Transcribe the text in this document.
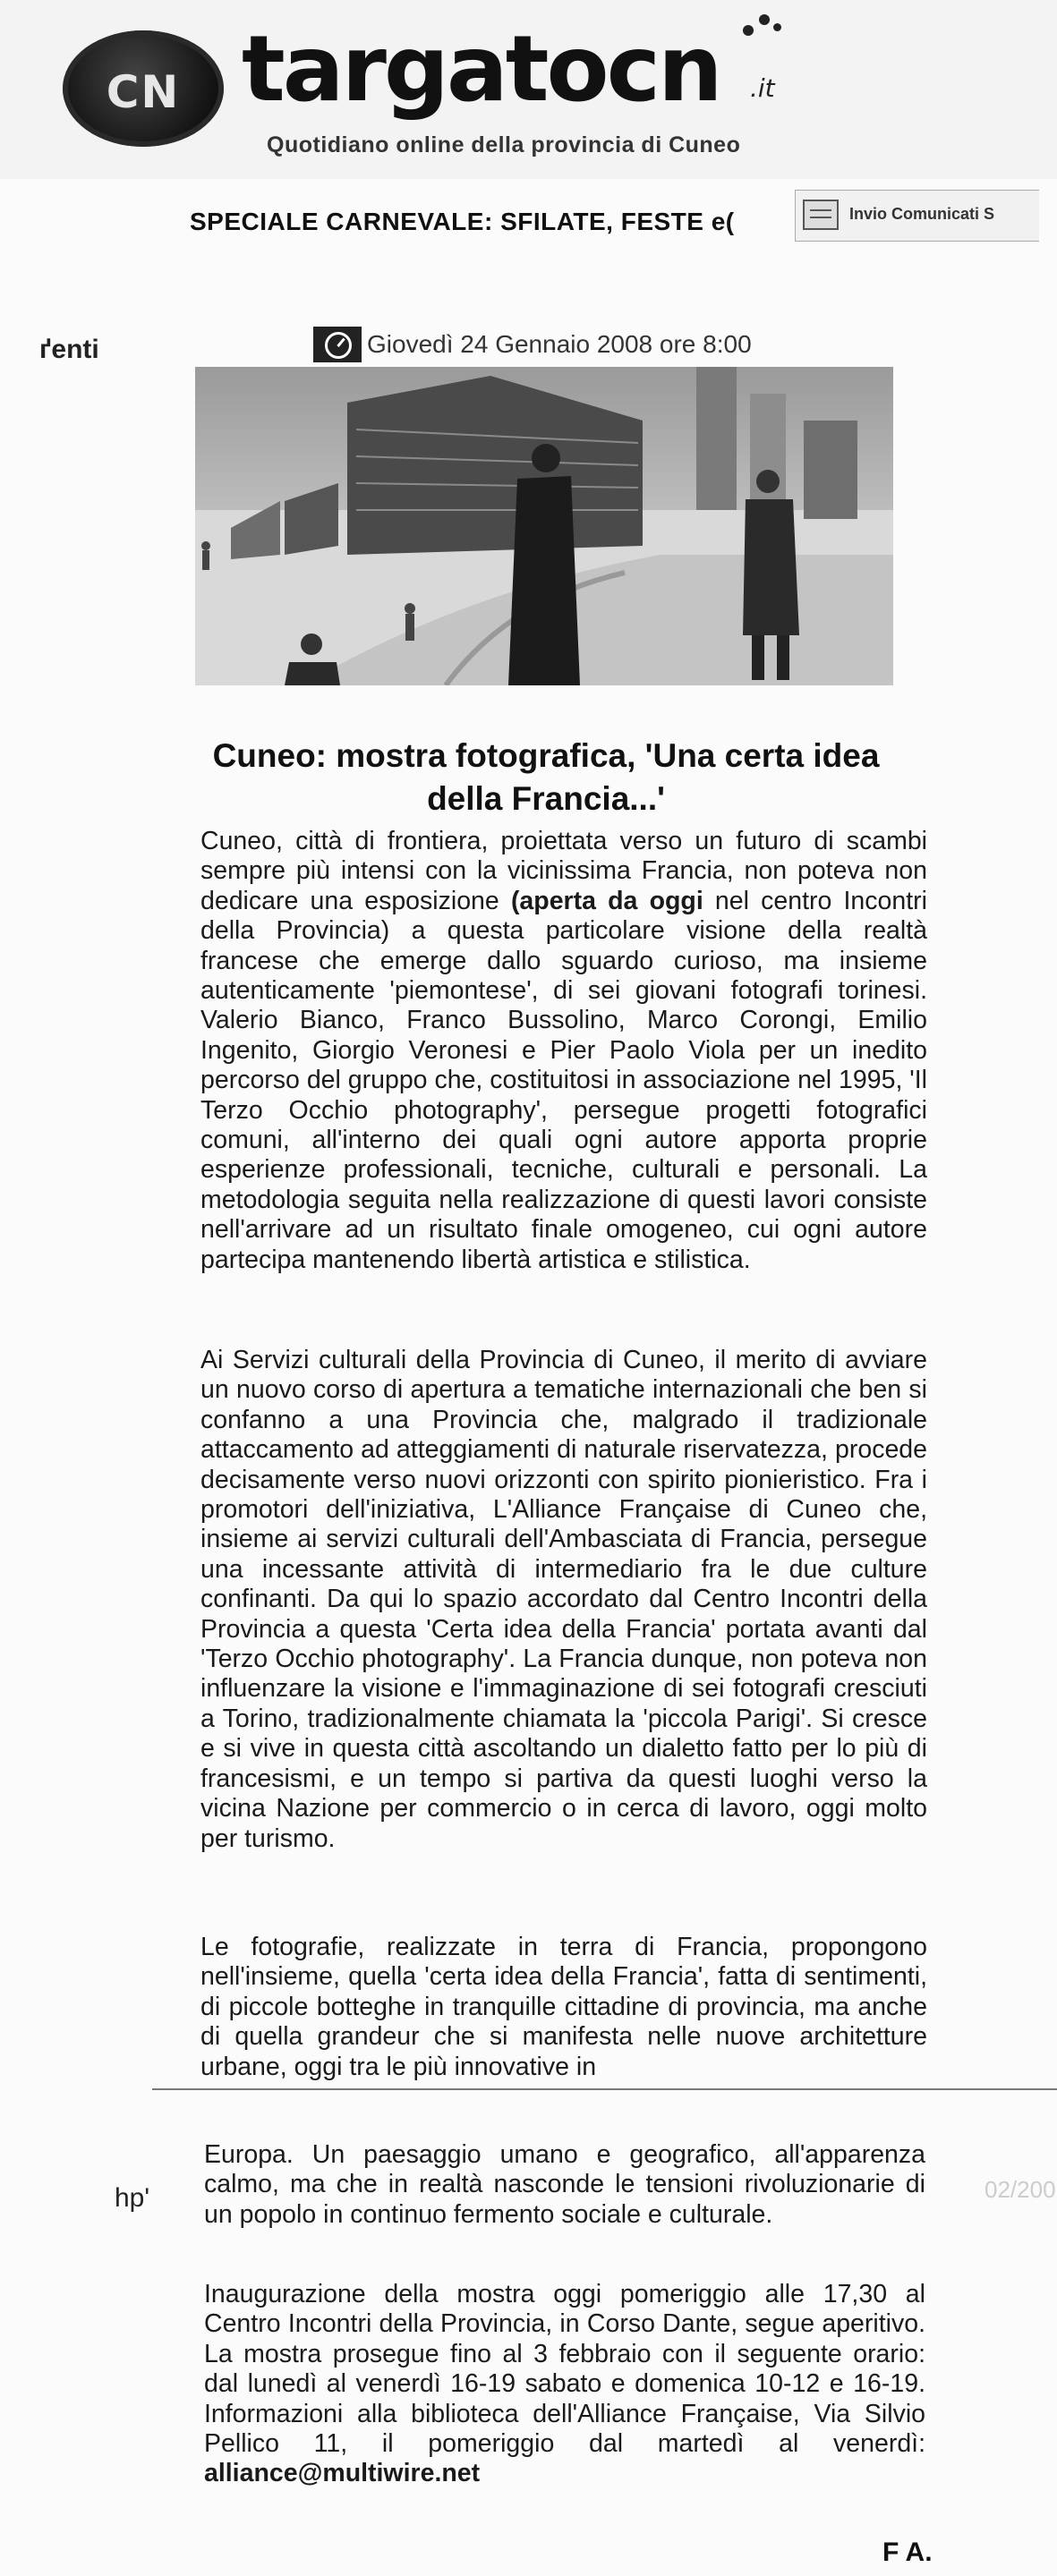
CN targatocn .it
Quotidiano online della provincia di Cuneo
SPECIALE CARNEVALE: SFILATE, FESTE e(	Invio Comunicati S
ґenti	Giovedì 24 Gennaio 2008 ore 8:00
Cuneo: mostra fotografica, 'Una certa idea della Francia...'

Cuneo, città di frontiera, proiettata verso un futuro di scambi sempre più intensi con la vicinissima Francia, non poteva non dedicare una esposizione (aperta da oggi nel centro Incontri della Provincia) a questa particolare visione della realtà francese che emerge dallo sguardo curioso, ma insieme autenticamente 'piemontese', di sei giovani fotografi torinesi. Valerio Bianco, Franco Bussolino, Marco Corongi, Emilio Ingenito, Giorgio Veronesi e Pier Paolo Viola per un inedito percorso del gruppo che, costituitosi in associazione nel 1995, 'Il Terzo Occhio photography', persegue progetti fotografici comuni, all'interno dei quali ogni autore apporta proprie esperienze professionali, tecniche, culturali e personali. La metodologia seguita nella realizzazione di questi lavori consiste nell'arrivare ad un risultato finale omogeneo, cui ogni autore partecipa mantenendo libertà artistica e stilistica.

Ai Servizi culturali della Provincia di Cuneo, il merito di avviare un nuovo corso di apertura a tematiche internazionali che ben si confanno a una Provincia che, malgrado il tradizionale attaccamento ad atteggiamenti di naturale riservatezza, procede decisamente verso nuovi orizzonti con spirito pionieristico. Fra i promotori dell'iniziativa, L'Alliance Française di Cuneo che, insieme ai servizi culturali dell'Ambasciata di Francia, persegue una incessante attività di intermediario fra le due culture confinanti. Da qui lo spazio accordato dal Centro Incontri della Provincia a questa 'Certa idea della Francia' portata avanti dal 'Terzo Occhio photography'. La Francia dunque, non poteva non influenzare la visione e l'immaginazione di sei fotografi cresciuti a Torino, tradizionalmente chiamata la 'piccola Parigi'. Si cresce e si vive in questa città ascoltando un dialetto fatto per lo più di francesismi, e un tempo si partiva da questi luoghi verso la vicina Nazione per commercio o in cerca di lavoro, oggi molto per turismo.

Le fotografie, realizzate in terra di Francia, propongono nell'insieme, quella 'certa idea della Francia', fatta di sentimenti, di piccole botteghe in tranquille cittadine di provincia, ma anche di quella grandeur che si manifesta nelle nuove architetture urbane, oggi tra le più innovative in

hp'	02/200

Europa. Un paesaggio umano e geografico, all'apparenza calmo, ma che in realtà nasconde le tensioni rivoluzionarie di un popolo in continuo fermento sociale e culturale.

Inaugurazione della mostra oggi pomeriggio alle 17,30 al Centro Incontri della Provincia, in Corso Dante, segue aperitivo. La mostra prosegue fino al 3 febbraio con il seguente orario: dal lunedì al venerdì 16-19 sabato e domenica 10-12 e 16-19. Informazioni alla biblioteca dell'Alliance Française, Via Silvio Pellico 11, il pomeriggio dal martedì al venerdì: alliance@multiwire.net

F A.
